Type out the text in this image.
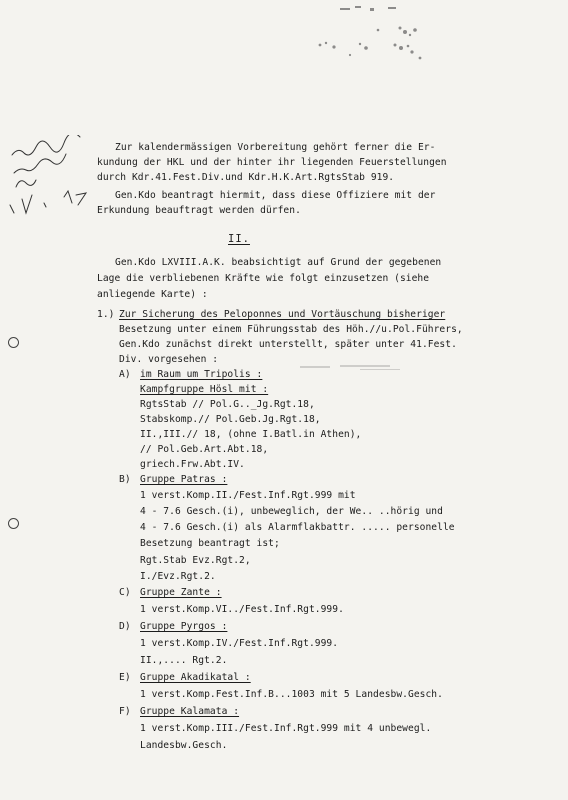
Zur kalendermässigen Vorbereitung gehört ferner die Er-
kundung der HKL und der hinter ihr liegenden Feuerstellungen
durch Kdr.41.Fest.Div.und Kdr.H.K.Art.RgtsStab 919.
Gen.Kdo beantragt hiermit, dass diese Offiziere mit der
Erkundung beauftragt werden dürfen.
II.
Gen.Kdo LXVIII.A.K. beabsichtigt auf Grund der gegebenen
Lage die verbliebenen Kräfte wie folgt einzusetzen (siehe
anliegende Karte) :
1.) Zur Sicherung des Peloponnes und Vortäuschung bisheriger
Besetzung unter einem Führungsstab des Höh.//u.Pol.Führers,
Gen.Kdo zunächst direkt unterstellt, später unter 41.Fest.
Div. vorgesehen :
A) im Raum um Tripolis :
Kampfgruppe Hösl mit :
RgtsStab // Pol.G.._Jg.Rgt.18,
Stabskomp.// Pol.Geb.Jg.Rgt.18,
II.,III.// 18, (ohne I.Batl.in Athen),
// Pol.Geb.Art.Abt.18,
griech.Frw.Abt.IV.
B) Gruppe Patras :
1 verst.Komp.II./Fest.Inf.Rgt.999 mit
4 - 7.6 Gesch.(i), unbeweglich, der We.. ..hörig und
4 - 7.6 Gesch.(i) als Alarmflakbattr. ..... personelle
Besetzung beantragt ist;
Rgt.Stab Evz.Rgt.2,
I./Evz.Rgt.2.
C) Gruppe Zante :
1 verst.Komp.VI../Fest.Inf.Rgt.999.
D) Gruppe Pyrgos :
1 verst.Komp.IV./Fest.Inf.Rgt.999.
II.,.... Rgt.2.
E) Gruppe Akadikatal :
1 verst.Komp.Fest.Inf.B...1003 mit 5 Landesbw.Gesch.
F) Gruppe Kalamata :
1 verst.Komp.III./Fest.Inf.Rgt.999 mit 4 unbewegl.
Landesbw.Gesch.
